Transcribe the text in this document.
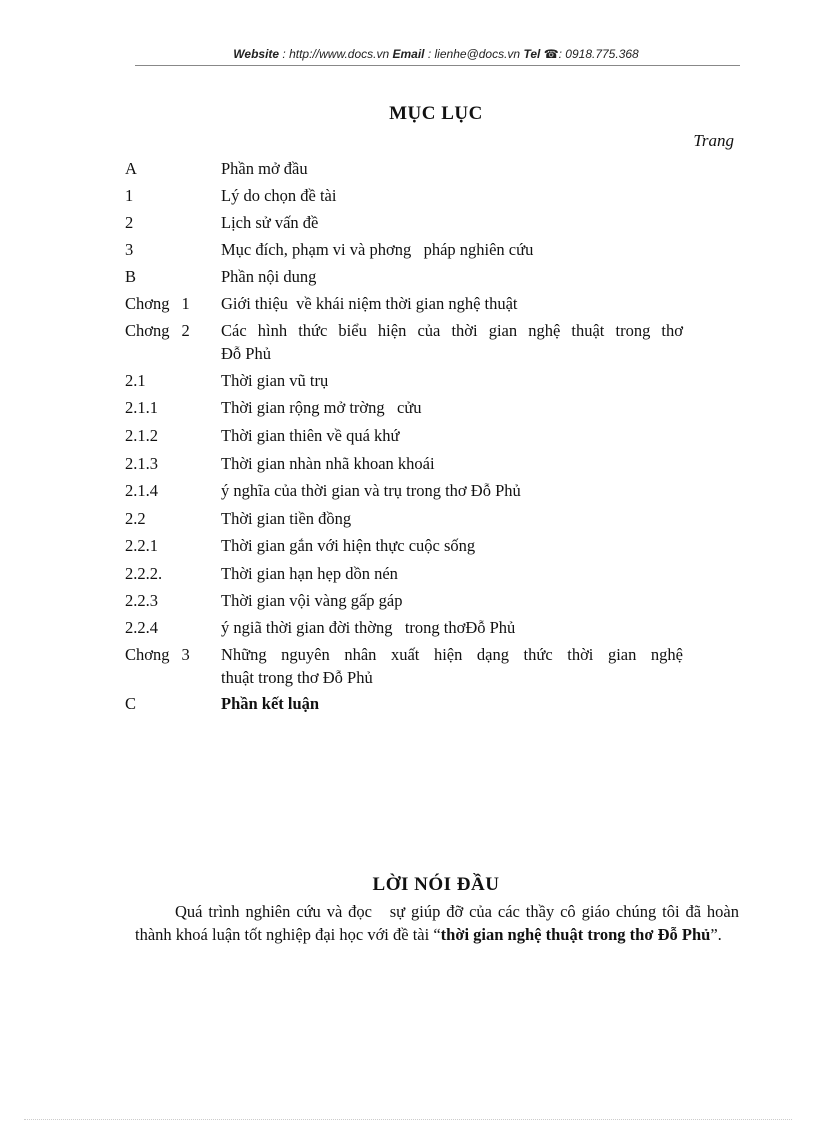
Website : http://www.docs.vn Email : lienhe@docs.vn Tel ☎: 0918.775.368
MỤC LỤC
Trang
A	Phần mở đầu
1	Lý do chọn đề tài
2	Lịch sử vấn đề
3	Mục đích, phạm vi và phơng   pháp nghiên cứu
B	Phần nội dung
Chơng 1 Giới thiệu  về khái niệm thời gian nghệ thuật
Chơng 2 Các hình thức biểu hiện của thời gian nghệ thuật trong thơ
Đỗ Phủ
2.1	Thời gian vũ trụ
2.1.1	Thời gian rộng mở trờng   cửu
2.1.2	Thời gian thiên về quá khứ
2.1.3	Thời gian nhàn nhã khoan khoái
2.1.4	ý nghĩa của thời gian và trụ trong thơ Đỗ Phủ
2.2	Thời gian tiền đồng
2.2.1	Thời gian gắn với hiện thực cuộc sống
2.2.2.	Thời gian hạn hẹp dồn nén
2.2.3	Thời gian vội vàng gấp gáp
2.2.4	ý ngiã thời gian đời thờng   trong thơĐỗ Phủ
Chơng 3 Những nguyên nhân xuất hiện dạng thức thời gian nghệ
thuật trong thơ Đỗ Phủ
C	Phần kết luận
LỜI NÓI ĐẦU
Quá trình nghiên cứu và đọc   sự giúp đỡ của các thầy cô giáo chúng tôi đã hoàn thành khoá luận tốt nghiệp đại học với đề tài “thời gian nghệ thuật trong thơ Đỗ Phủ”.
